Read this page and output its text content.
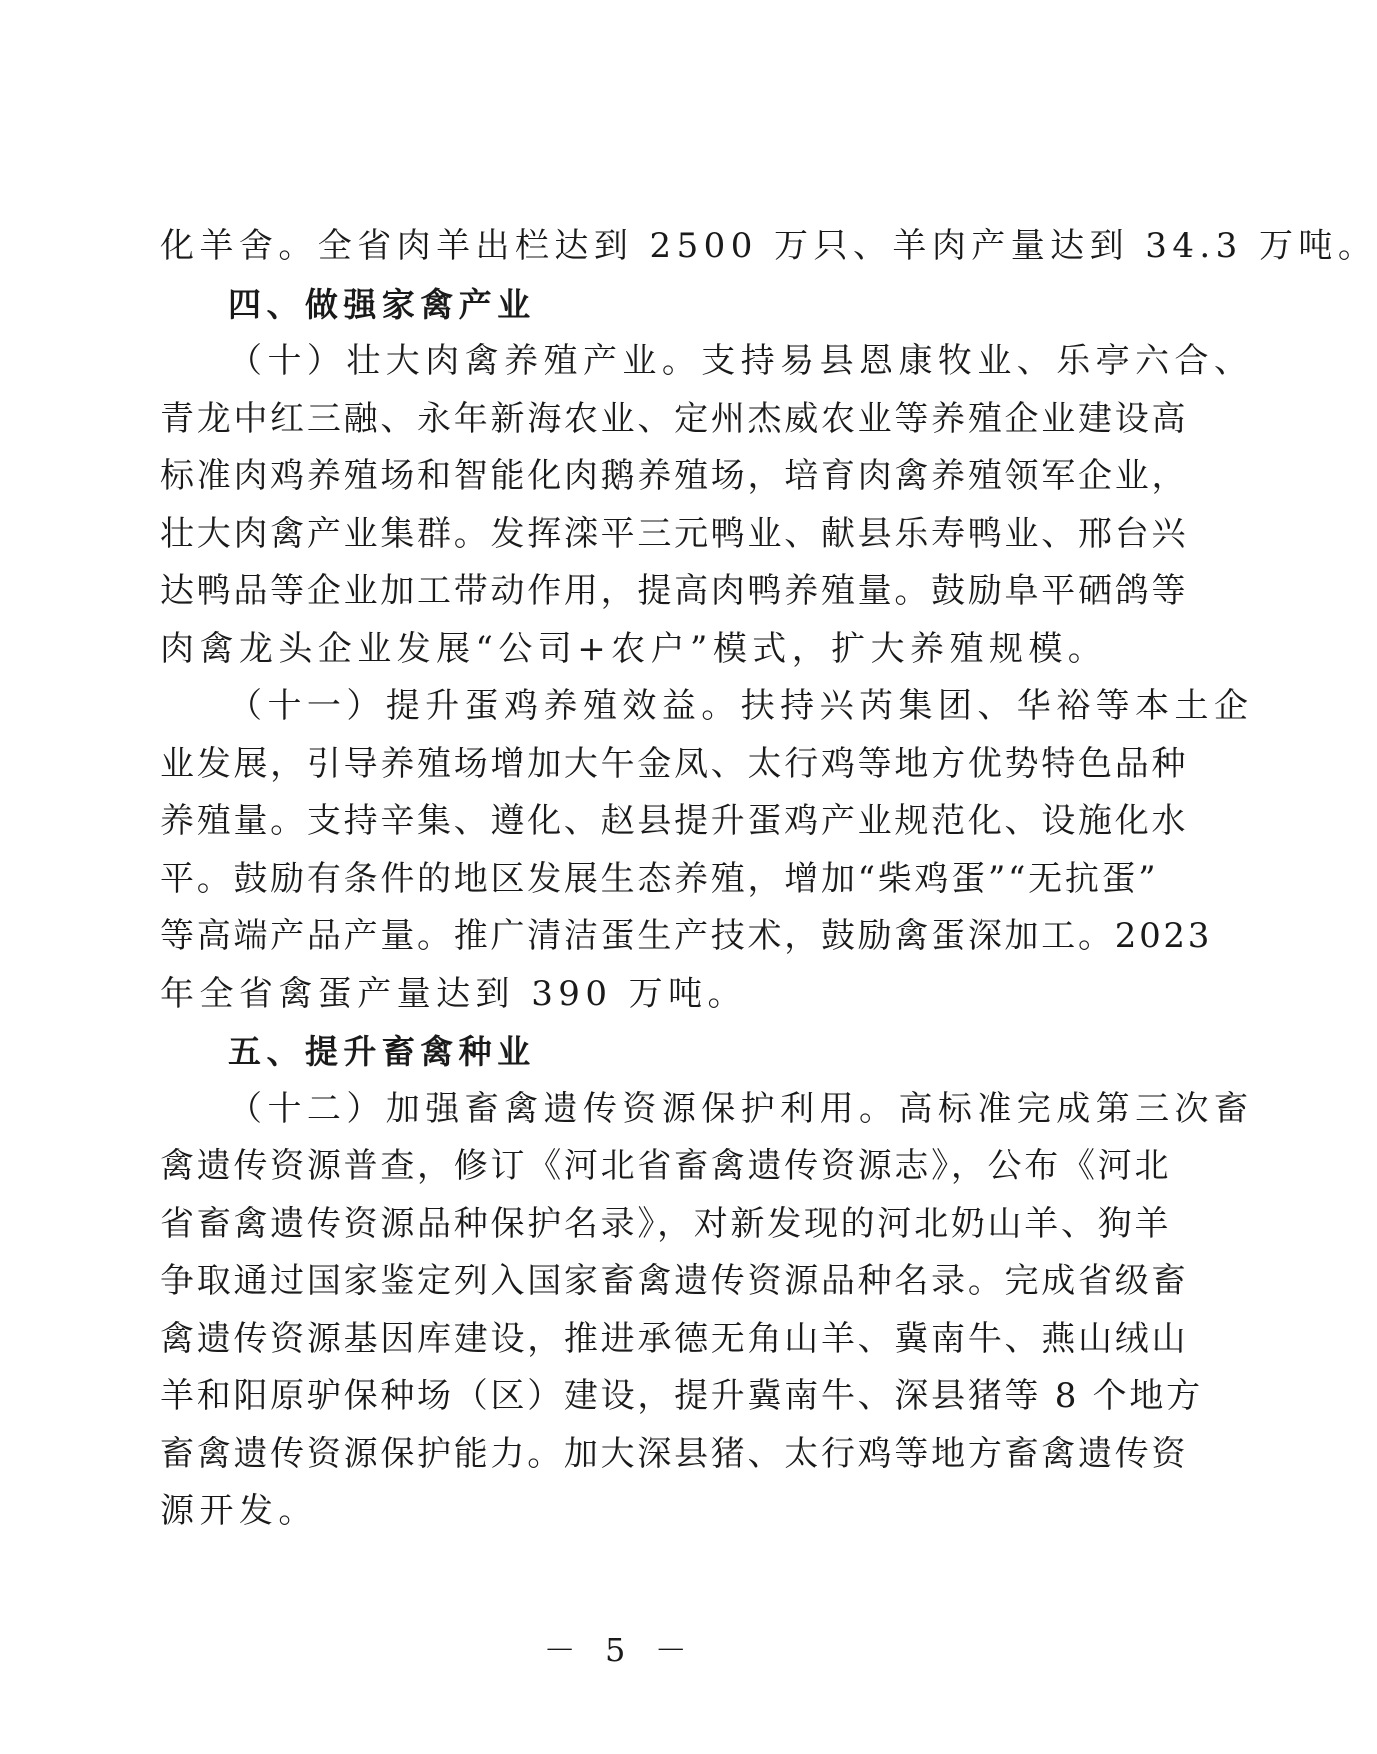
化羊舍。全省肉羊出栏达到 2500 万只、羊肉产量达到 34.3 万吨。
四、做强家禽产业
（十）壮大肉禽养殖产业。支持易县恩康牧业、乐亭六合、
青龙中红三融、永年新海农业、定州杰威农业等养殖企业建设高
标准肉鸡养殖场和智能化肉鹅养殖场，培育肉禽养殖领军企业，
壮大肉禽产业集群。发挥滦平三元鸭业、献县乐寿鸭业、邢台兴
达鸭品等企业加工带动作用，提高肉鸭养殖量。鼓励阜平硒鸽等
肉禽龙头企业发展“公司+农户”模式，扩大养殖规模。
（十一）提升蛋鸡养殖效益。扶持兴芮集团、华裕等本土企
业发展，引导养殖场增加大午金凤、太行鸡等地方优势特色品种
养殖量。支持辛集、遵化、赵县提升蛋鸡产业规范化、设施化水
平。鼓励有条件的地区发展生态养殖，增加“柴鸡蛋”“无抗蛋”
等高端产品产量。推广清洁蛋生产技术，鼓励禽蛋深加工。2023
年全省禽蛋产量达到 390 万吨。
五、提升畜禽种业
（十二）加强畜禽遗传资源保护利用。高标准完成第三次畜
禽遗传资源普查，修订《河北省畜禽遗传资源志》，公布《河北
省畜禽遗传资源品种保护名录》，对新发现的河北奶山羊、狗羊
争取通过国家鉴定列入国家畜禽遗传资源品种名录。完成省级畜
禽遗传资源基因库建设，推进承德无角山羊、冀南牛、燕山绒山
羊和阳原驴保种场（区）建设，提升冀南牛、深县猪等 8 个地方
畜禽遗传资源保护能力。加大深县猪、太行鸡等地方畜禽遗传资
源开发。
－ 5 －
